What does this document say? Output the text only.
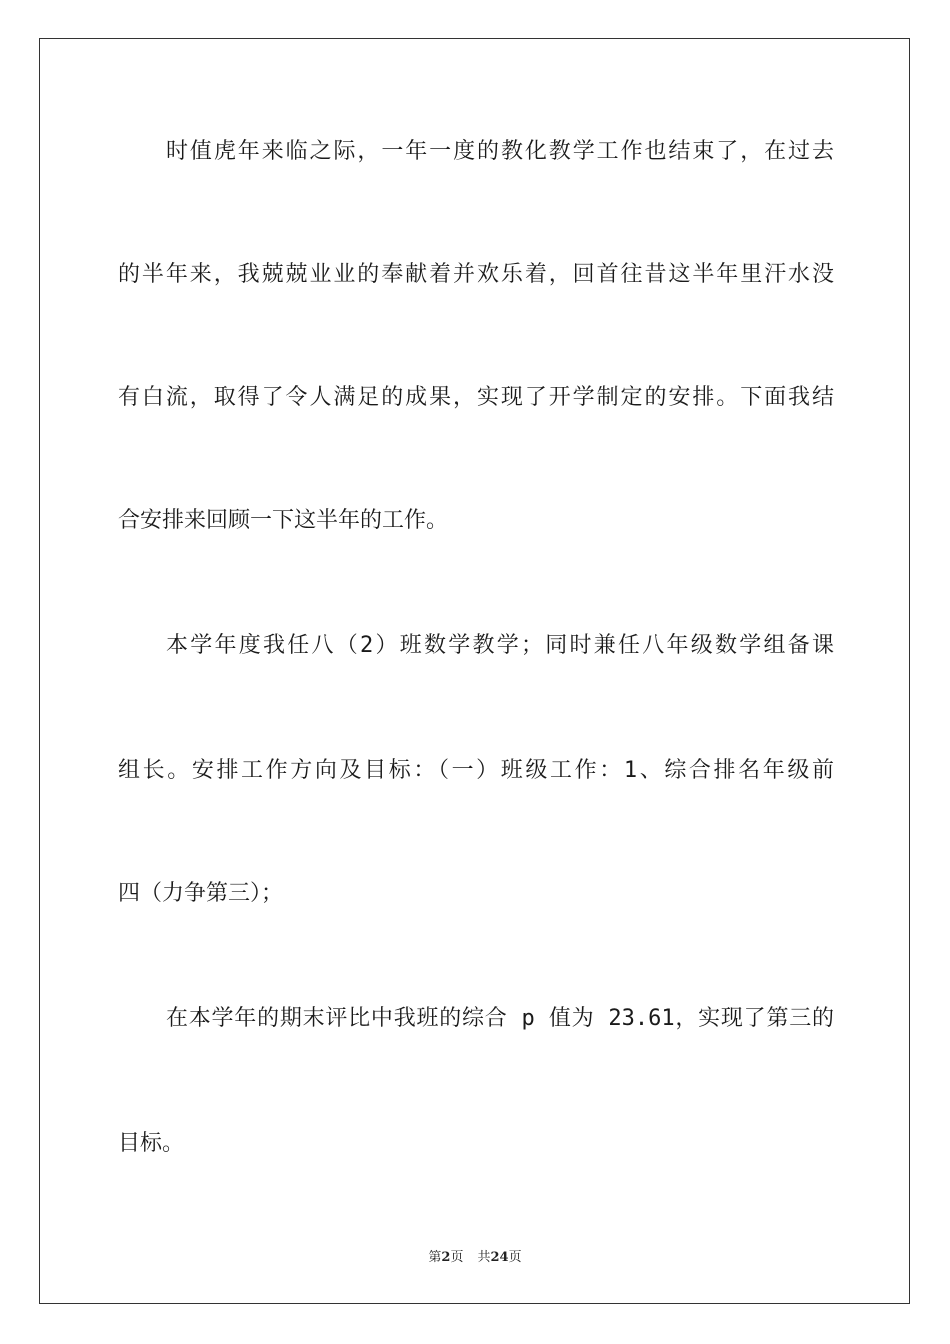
时值虎年来临之际，一年一度的教化教学工作也结束了，在过去

的半年来，我兢兢业业的奉献着并欢乐着，回首往昔这半年里汗水没

有白流，取得了令人满足的成果，实现了开学制定的安排。下面我结

合安排来回顾一下这半年的工作。

本学年度我任八（2）班数学教学；同时兼任八年级数学组备课

组长。安排工作方向及目标：（一）班级工作：1、综合排名年级前

四（力争第三）；

在本学年的期末评比中我班的综合 p 值为 23.61，实现了第三的

目标。

第2页 共24页
